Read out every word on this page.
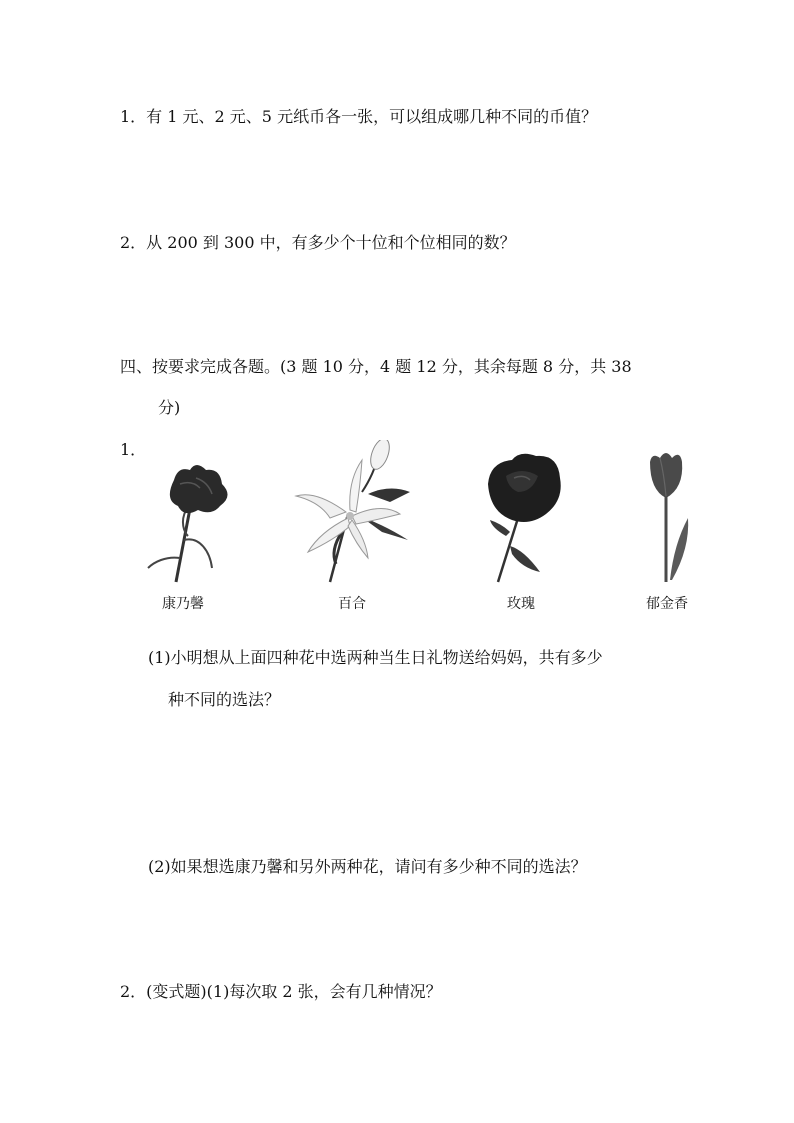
1．有 1 元、2 元、5 元纸币各一张，可以组成哪几种不同的币值？
2．从 200 到 300 中，有多少个十位和个位相同的数？
四、按要求完成各题。(3 题 10 分，4 题 12 分，其余每题 8 分，共 38
分)
1．
康乃馨	百合	玫瑰	郁金香
(1)小明想从上面四种花中选两种当生日礼物送给妈妈，共有多少
种不同的选法？
(2)如果想选康乃馨和另外两种花，请问有多少种不同的选法？
2．(变式题)(1)每次取 2 张，会有几种情况？
